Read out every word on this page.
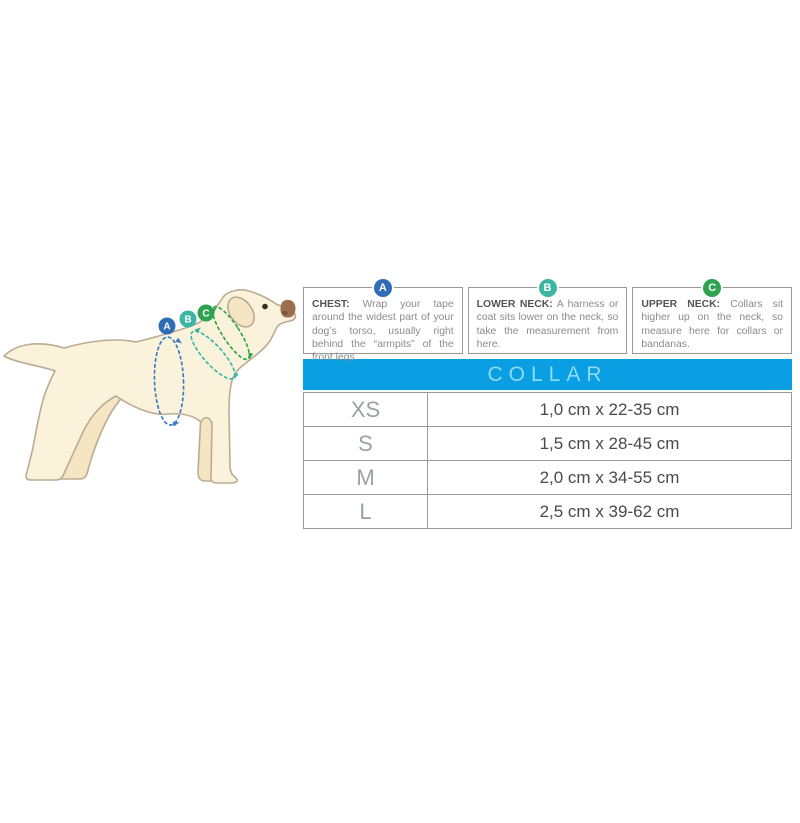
A
B
C
A

CHEST: Wrap your tape around the widest part of your dog’s torso, usually right behind the “armpits” of the front legs.

B

LOWER NECK: A harness or coat sits lower on the neck, so take the measurement from here.

C

UPPER NECK: Collars sit higher up on the neck, so measure here for collars or bandanas.

COLLAR
XS	1,0 cm x 22-35 cm
S	1,5 cm x 28-45 cm
M	2,0 cm x 34-55 cm
L	2,5 cm x 39-62 cm
